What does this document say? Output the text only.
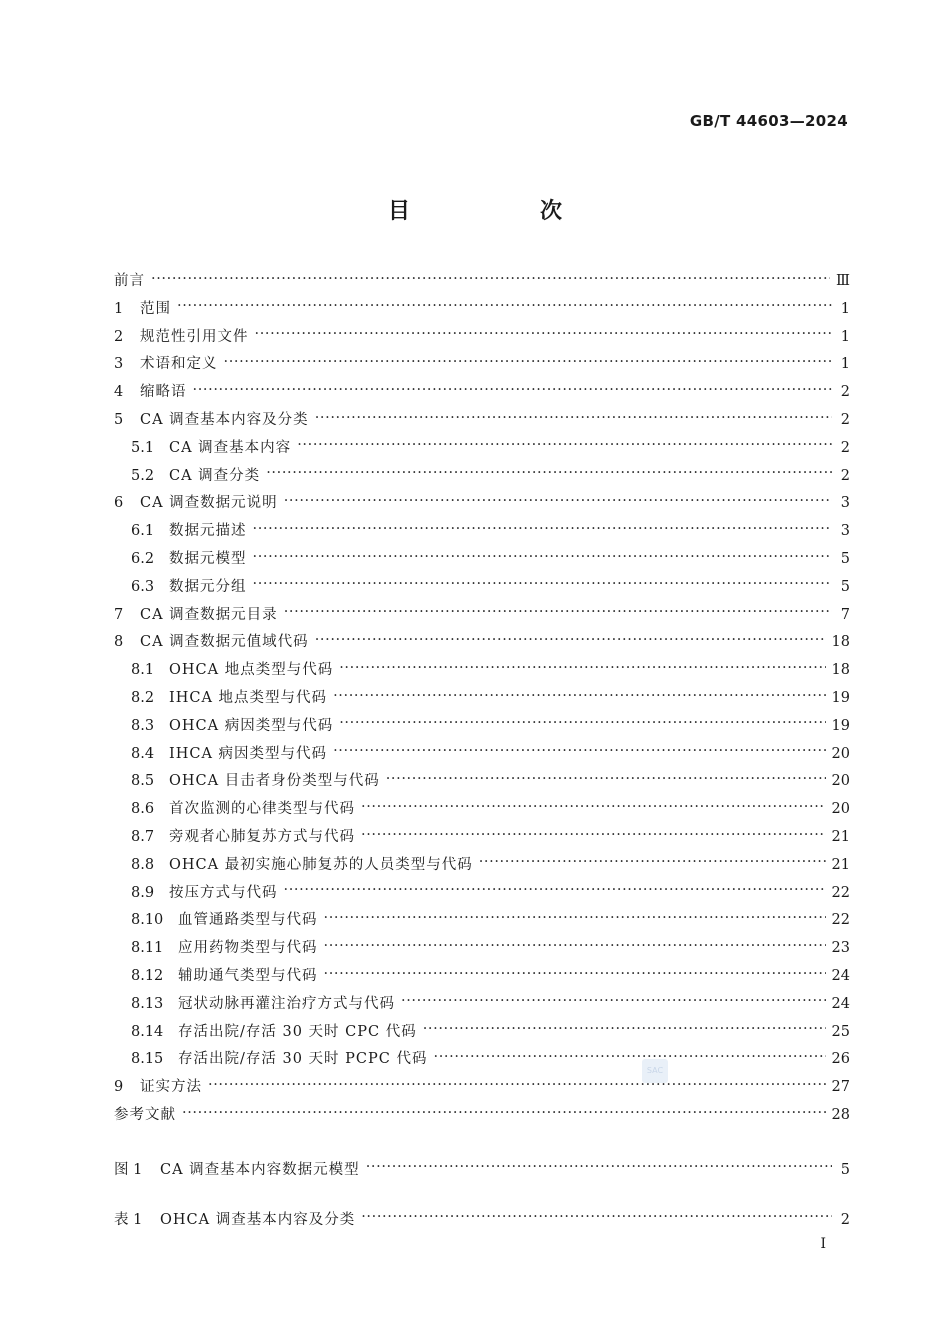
GB/T 44603—2024
目　次
前言 ·····	Ⅲ
1	范围 ·····	1
2	规范性引用文件 ·····	1
3	术语和定义 ·····	1
4	缩略语 ·····	2
5	CA 调查基本内容及分类 ·····	2
5.1	CA 调查基本内容 ·····	2
5.2	CA 调查分类 ·····	2
6	CA 调查数据元说明 ·····	3
6.1	数据元描述 ·····	3
6.2	数据元模型 ·····	5
6.3	数据元分组 ·····	5
7	CA 调查数据元目录 ·····	7
8	CA 调查数据元值域代码 ·····	18
8.1	OHCA 地点类型与代码 ·····	18
8.2	IHCA 地点类型与代码 ·····	19
8.3	OHCA 病因类型与代码 ·····	19
8.4	IHCA 病因类型与代码 ·····	20
8.5	OHCA 目击者身份类型与代码 ·····	20
8.6	首次监测的心律类型与代码 ·····	20
8.7	旁观者心肺复苏方式与代码 ·····	21
8.8	OHCA 最初实施心肺复苏的人员类型与代码 ·····	21
8.9	按压方式与代码 ·····	22
8.10	血管通路类型与代码 ·····	22
8.11	应用药物类型与代码 ·····	23
8.12	辅助通气类型与代码 ·····	24
8.13	冠状动脉再灌注治疗方式与代码 ·····	24
8.14	存活出院/存活 30 天时 CPC 代码 ·····	25
8.15	存活出院/存活 30 天时 PCPC 代码 ·····	26
9	证实方法 ·····	27
参考文献 ·····	28
图 1	CA 调查基本内容数据元模型 ·····	5
表 1	OHCA 调查基本内容及分类 ·····	2
SAC
I
